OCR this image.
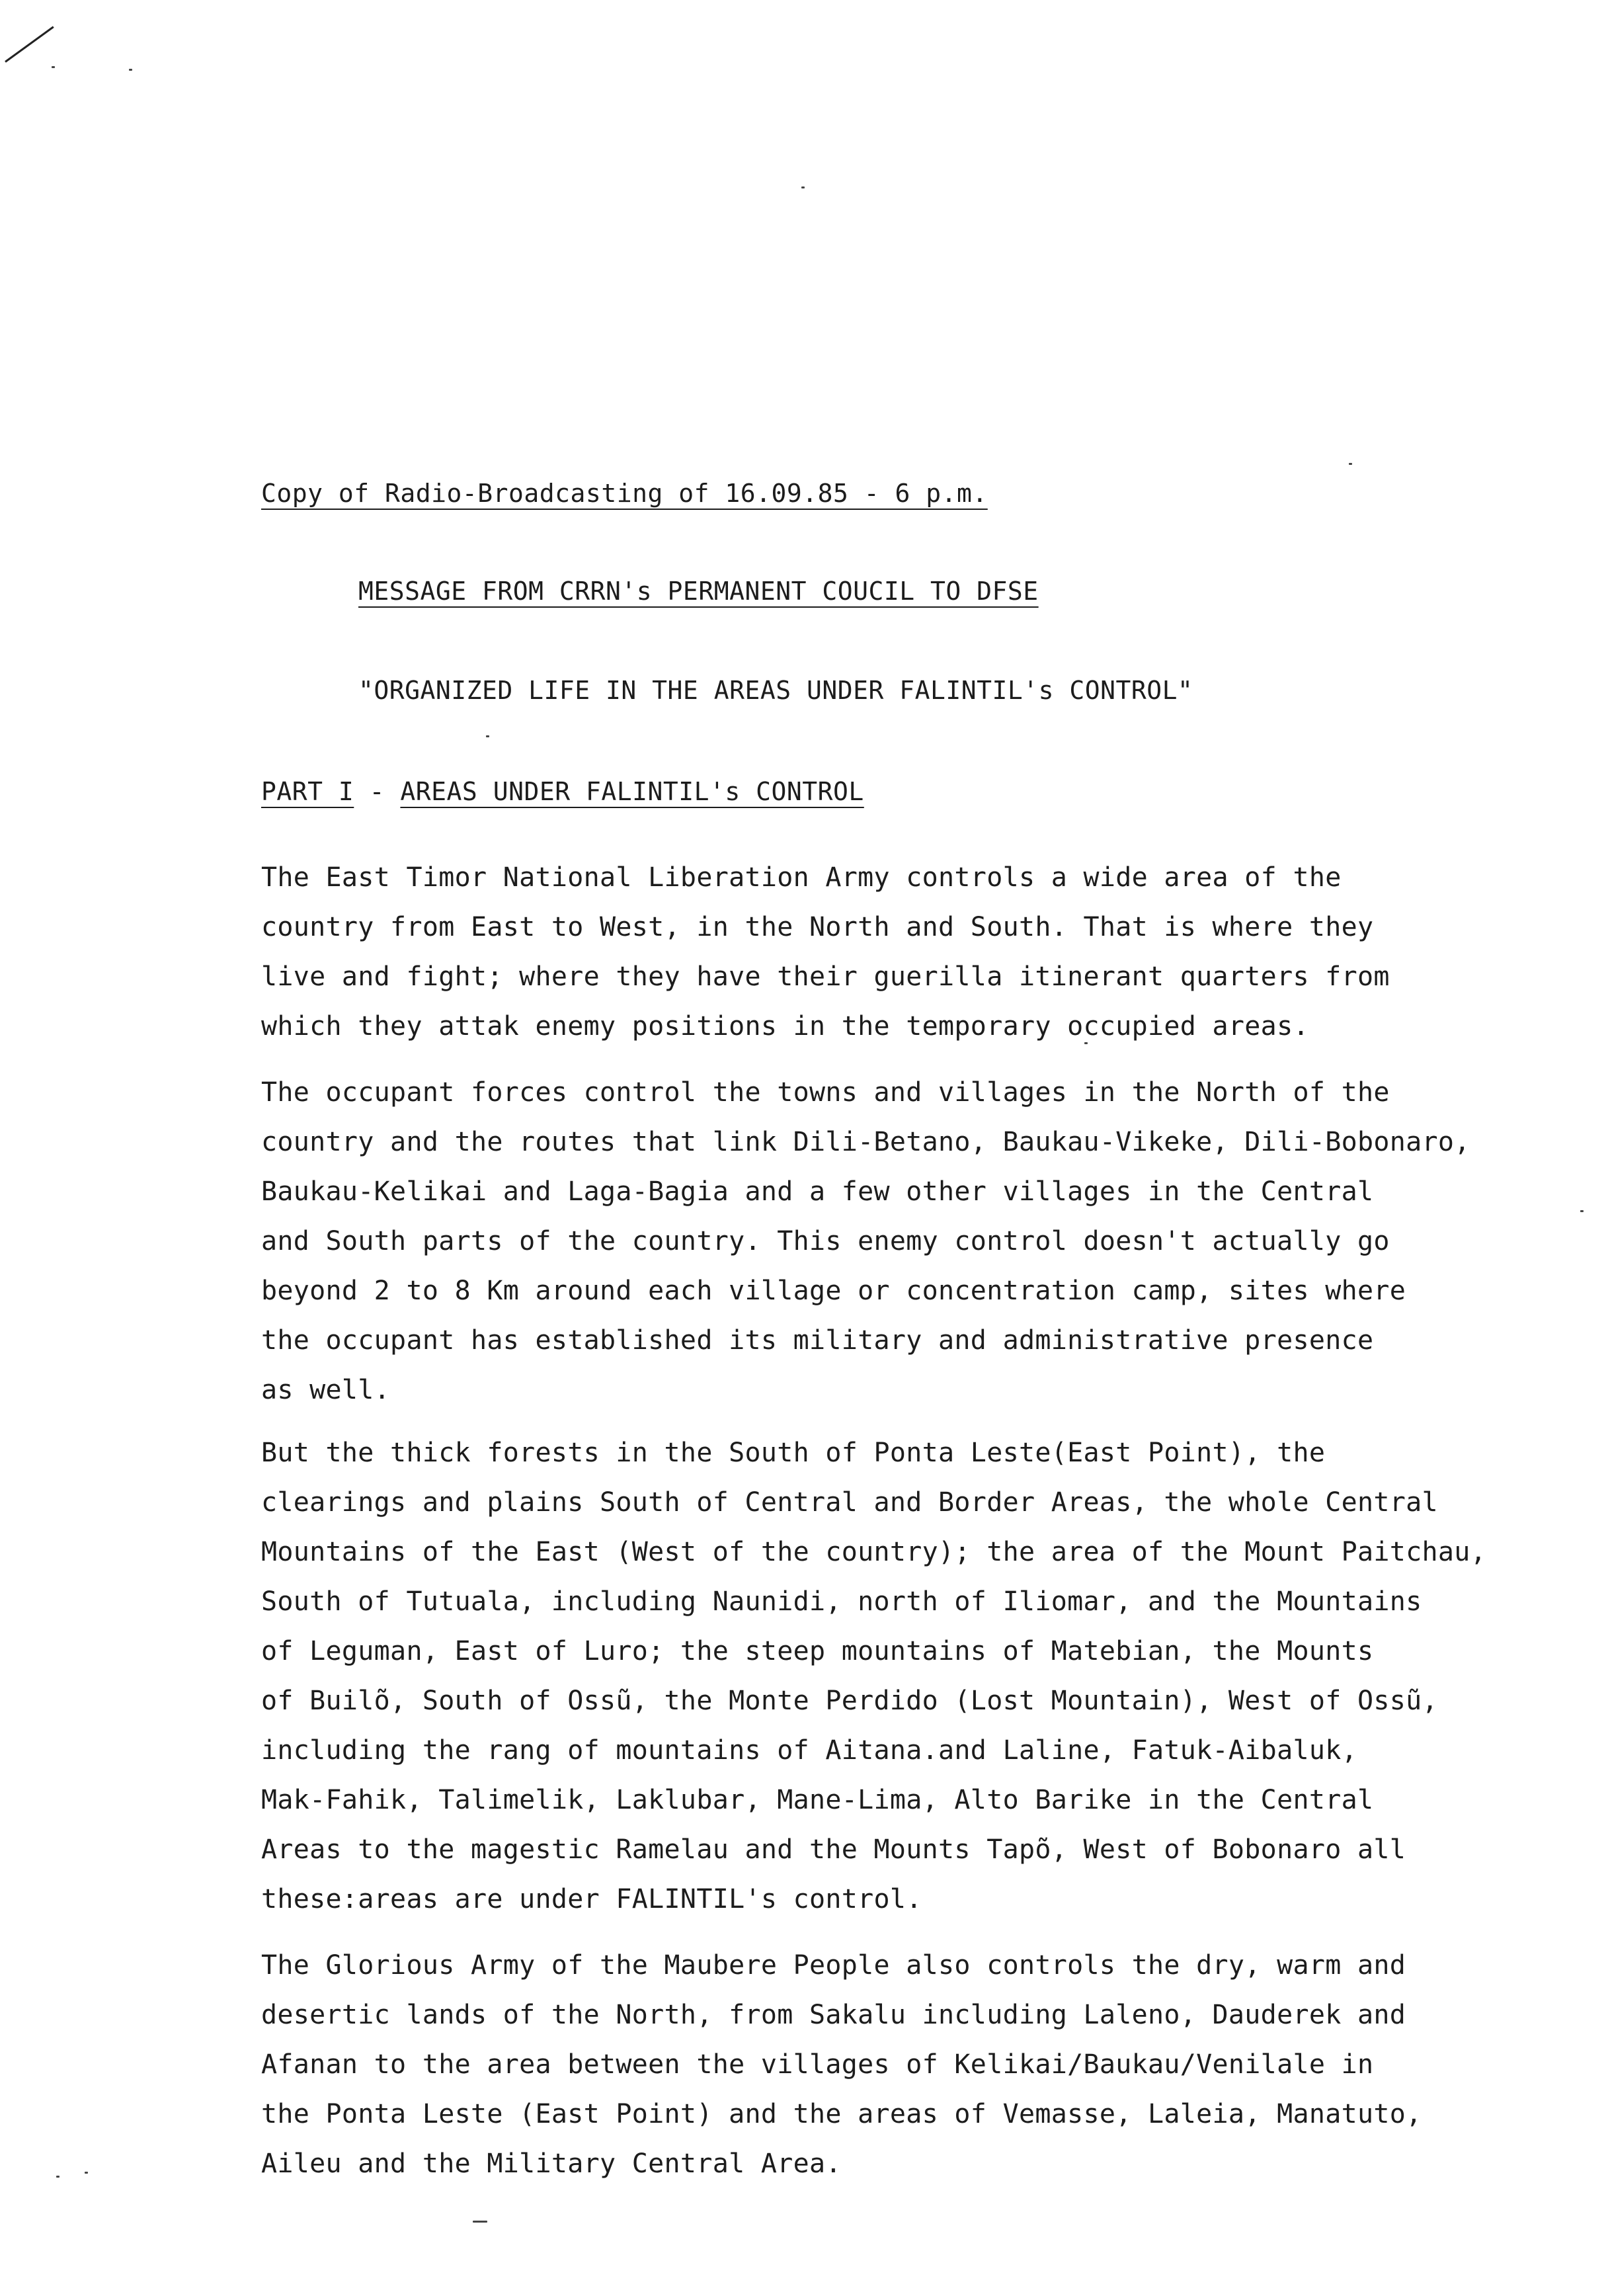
Copy of Radio-Broadcasting of 16.09.85 - 6 p.m.
MESSAGE FROM CRRN's PERMANENT COUCIL TO DFSE
"ORGANIZED LIFE IN THE AREAS UNDER FALINTIL's CONTROL"
PART I - AREAS UNDER FALINTIL's CONTROL
The East Timor National Liberation Army controls a wide area of the
country from East to West, in the North and South. That is where they
live and fight; where they have their guerilla itinerant quarters from
which they attak enemy positions in the temporary occupied areas.
The occupant forces control the towns and villages in the North of the
country and the routes that link Dili-Betano, Baukau-Vikeke, Dili-Bobonaro,
Baukau-Kelikai and Laga-Bagia and a few other villages in the Central
and South parts of the country. This enemy control doesn't actually go
beyond 2 to 8 Km around each village or concentration camp, sites where
the occupant has established its military and administrative presence
as well.
But the thick forests in the South of Ponta Leste(East Point), the
clearings and plains South of Central and Border Areas, the whole Central
Mountains of the East (West of the country); the area of the Mount Paitchau,
South of Tutuala, including Naunidi, north of Iliomar, and the Mountains
of Leguman, East of Luro; the steep mountains of Matebian, the Mounts
of Builõ, South of Ossũ, the Monte Perdido (Lost Mountain), West of Ossũ,
including the rang of mountains of Aitana.and Laline, Fatuk-Aibaluk,
Mak-Fahik, Talimelik, Laklubar, Mane-Lima, Alto Barike in the Central
Areas to the magestic Ramelau and the Mounts Tapõ, West of Bobonaro all
these:areas are under FALINTIL's control.
The Glorious Army of the Maubere People also controls the dry, warm and
desertic lands of the North, from Sakalu including Laleno, Dauderek and
Afanan to the area between the villages of Kelikai/Baukau/Venilale in
the Ponta Leste (East Point) and the areas of Vemasse, Laleia, Manatuto,
Aileu and the Military Central Area.
